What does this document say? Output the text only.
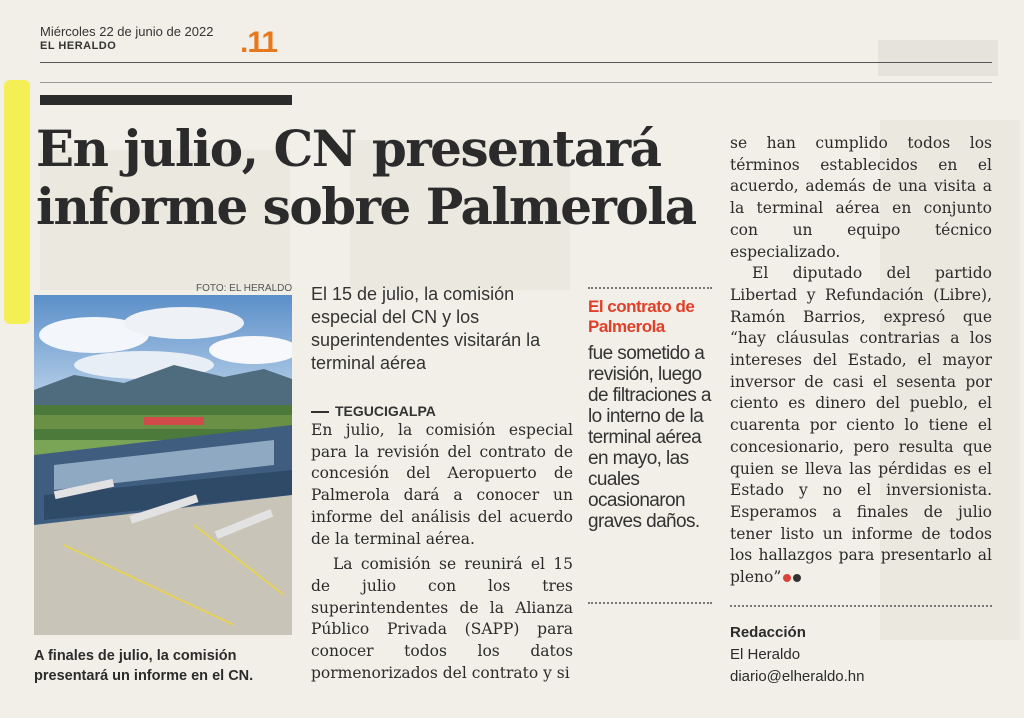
Miércoles 22 de junio de 2022
EL HERALDO	.11
En julio, CN presentará
informe sobre Palmerola
FOTO: EL HERALDO
A finales de julio, la comisión presentará un informe en el CN.
El 15 de julio, la comisión especial del CN y los superintendentes visitarán la terminal aérea
TEGUCIGALPA

En julio, la comisión especial para la revisión del contrato de concesión del Aeropuerto de Palmerola dará a conocer un informe del análisis del acuerdo de la terminal aérea.

La comisión se reunirá el 15 de julio con los tres superintendentes de la Alianza Público Privada (SAPP) para conocer todos los datos pormenorizados del contrato y si

El contrato de Palmerola
fue sometido a revisión, luego de filtraciones a lo interno de la terminal aérea en mayo, las cuales ocasionaron graves daños.

se han cumplido todos los términos establecidos en el acuerdo, además de una visita a la terminal aérea en conjunto con un equipo técnico especializado.

El diputado del partido Libertad y Refundación (Libre), Ramón Barrios, expresó que “hay cláusulas contrarias a los intereses del Estado, el mayor inversor de casi el sesenta por ciento es dinero del pueblo, el cuarenta por ciento lo tiene el concesionario, pero resulta que quien se lleva las pérdidas es el Estado y no el inversionista. Esperamos a finales de julio tener listo un informe de todos los hallazgos para presentarlo al pleno”

Redacción
El Heraldo
diario@elheraldo.hn
